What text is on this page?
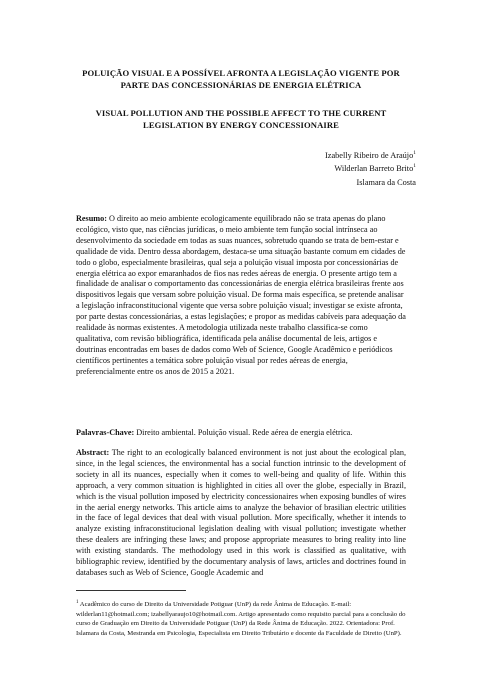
POLUIÇÃO VISUAL E A POSSÍVEL AFRONTA A LEGISLAÇÃO VIGENTE POR
PARTE DAS CONCESSIONÁRIAS DE ENERGIA ELÉTRICA
VISUAL POLLUTION AND THE POSSIBLE AFFECT TO THE CURRENT
LEGISLATION BY ENERGY CONCESSIONAIRE
Izabelly Ribeiro de Araújo$^1$
Wilderlan Barreto Brito$^1$
Islamara da Costa

Resumo: O direito ao meio ambiente ecologicamente equilibrado não se trata apenas do plano ecológico, visto que, nas ciências jurídicas, o meio ambiente tem função social intrínseca ao desenvolvimento da sociedade em todas as suas nuances, sobretudo quando se trata de bem-estar e qualidade de vida. Dentro dessa abordagem, destaca-se uma situação bastante comum em cidades de todo o globo, especialmente brasileiras, qual seja a poluição visual imposta por concessionárias de energia elétrica ao expor emaranhados de fios nas redes aéreas de energia. O presente artigo tem a finalidade de analisar o comportamento das concessionárias de energia elétrica brasileiras frente aos dispositivos legais que versam sobre poluição visual. De forma mais específica, se pretende analisar a legislação infraconstitucional vigente que versa sobre poluição visual; investigar se existe afronta, por parte destas concessionárias, a estas legislações; e propor as medidas cabíveis para adequação da realidade às normas existentes. A metodologia utilizada neste trabalho classifica-se como qualitativa, com revisão bibliográfica, identificada pela análise documental de leis, artigos e doutrinas encontradas em bases de dados como Web of Science, Google Acadêmico e periódicos científicos pertinentes a temática sobre poluição visual por redes aéreas de energia, preferencialmente entre os anos de 2015 a 2021.

Palavras-Chave: Direito ambiental. Poluição visual. Rede aérea de energia elétrica.

Abstract: The right to an ecologically balanced environment is not just about the ecological plan, since, in the legal sciences, the environmental has a social function intrinsic to the development of society in all its nuances, especially when it comes to well-being and quality of life. Within this approach, a very common situation is highlighted in cities all over the globe, especially in Brazil, which is the visual pollution imposed by electricity concessionaires when exposing bundles of wires in the aerial energy networks. This article aims to analyze the behavior of brasilian electric utilities in the face of legal devices that deal with visual pollution. More specifically, whether it intends to analyze existing infraconstitucional legislation dealing with visual pollution; investigate whether these dealers are infringing these laws; and propose appropriate measures to bring reality into line with existing standards. The methodology used in this work is classified as qualitative, with bibliographic review, identified by the documentary analysis of laws, articles and doctrines found in databases such as Web of Science, Google Academic and

$^1$ Acadêmico do curso de Direito da Universidade Potiguar (UnP) da rede Ânima de Educação. E-mail: wilderlan11@hotmail.com; izabellyaraujo10@hotmail.com. Artigo apresentado como requisito parcial para a conclusão do curso de Graduação em Direito da Universidade Potiguar (UnP) da Rede Ânima de Educação. 2022. Orientadora: Prof. Islamara da Costa, Mestranda em Psicologia, Especialista em Direito Tributário e docente da Faculdade de Direito (UnP).
